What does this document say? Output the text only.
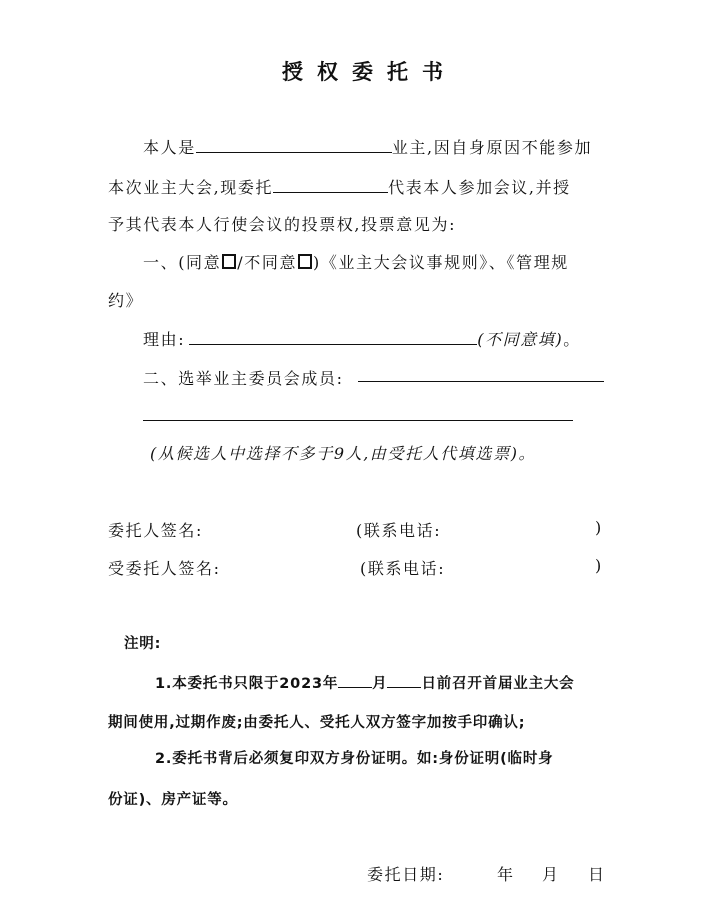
授权委托书
本人是	业主,因自身原因不能参加
本次业主大会,现委托	代表本人参加会议,并授
予其代表本人行使会议的投票权,投票意见为:
一、(同意 /不同意 )《业主大会议事规则》、《管理规
约》
理由:	(不同意填)。
二、选举业主委员会成员:
(从候选人中选择不多于9人,由受托人代填选票)。
委托人签名:	(联系电话:	)
受委托人签名:	(联系电话:	)
注明:
1.本委托书只限于2023年 月 日前召开首届业主大会
期间使用,过期作废;由委托人、受托人双方签字加按手印确认;
2.委托书背后必须复印双方身份证明。如:身份证明(临时身
份证)、房产证等。
委托日期:	年 月 日
